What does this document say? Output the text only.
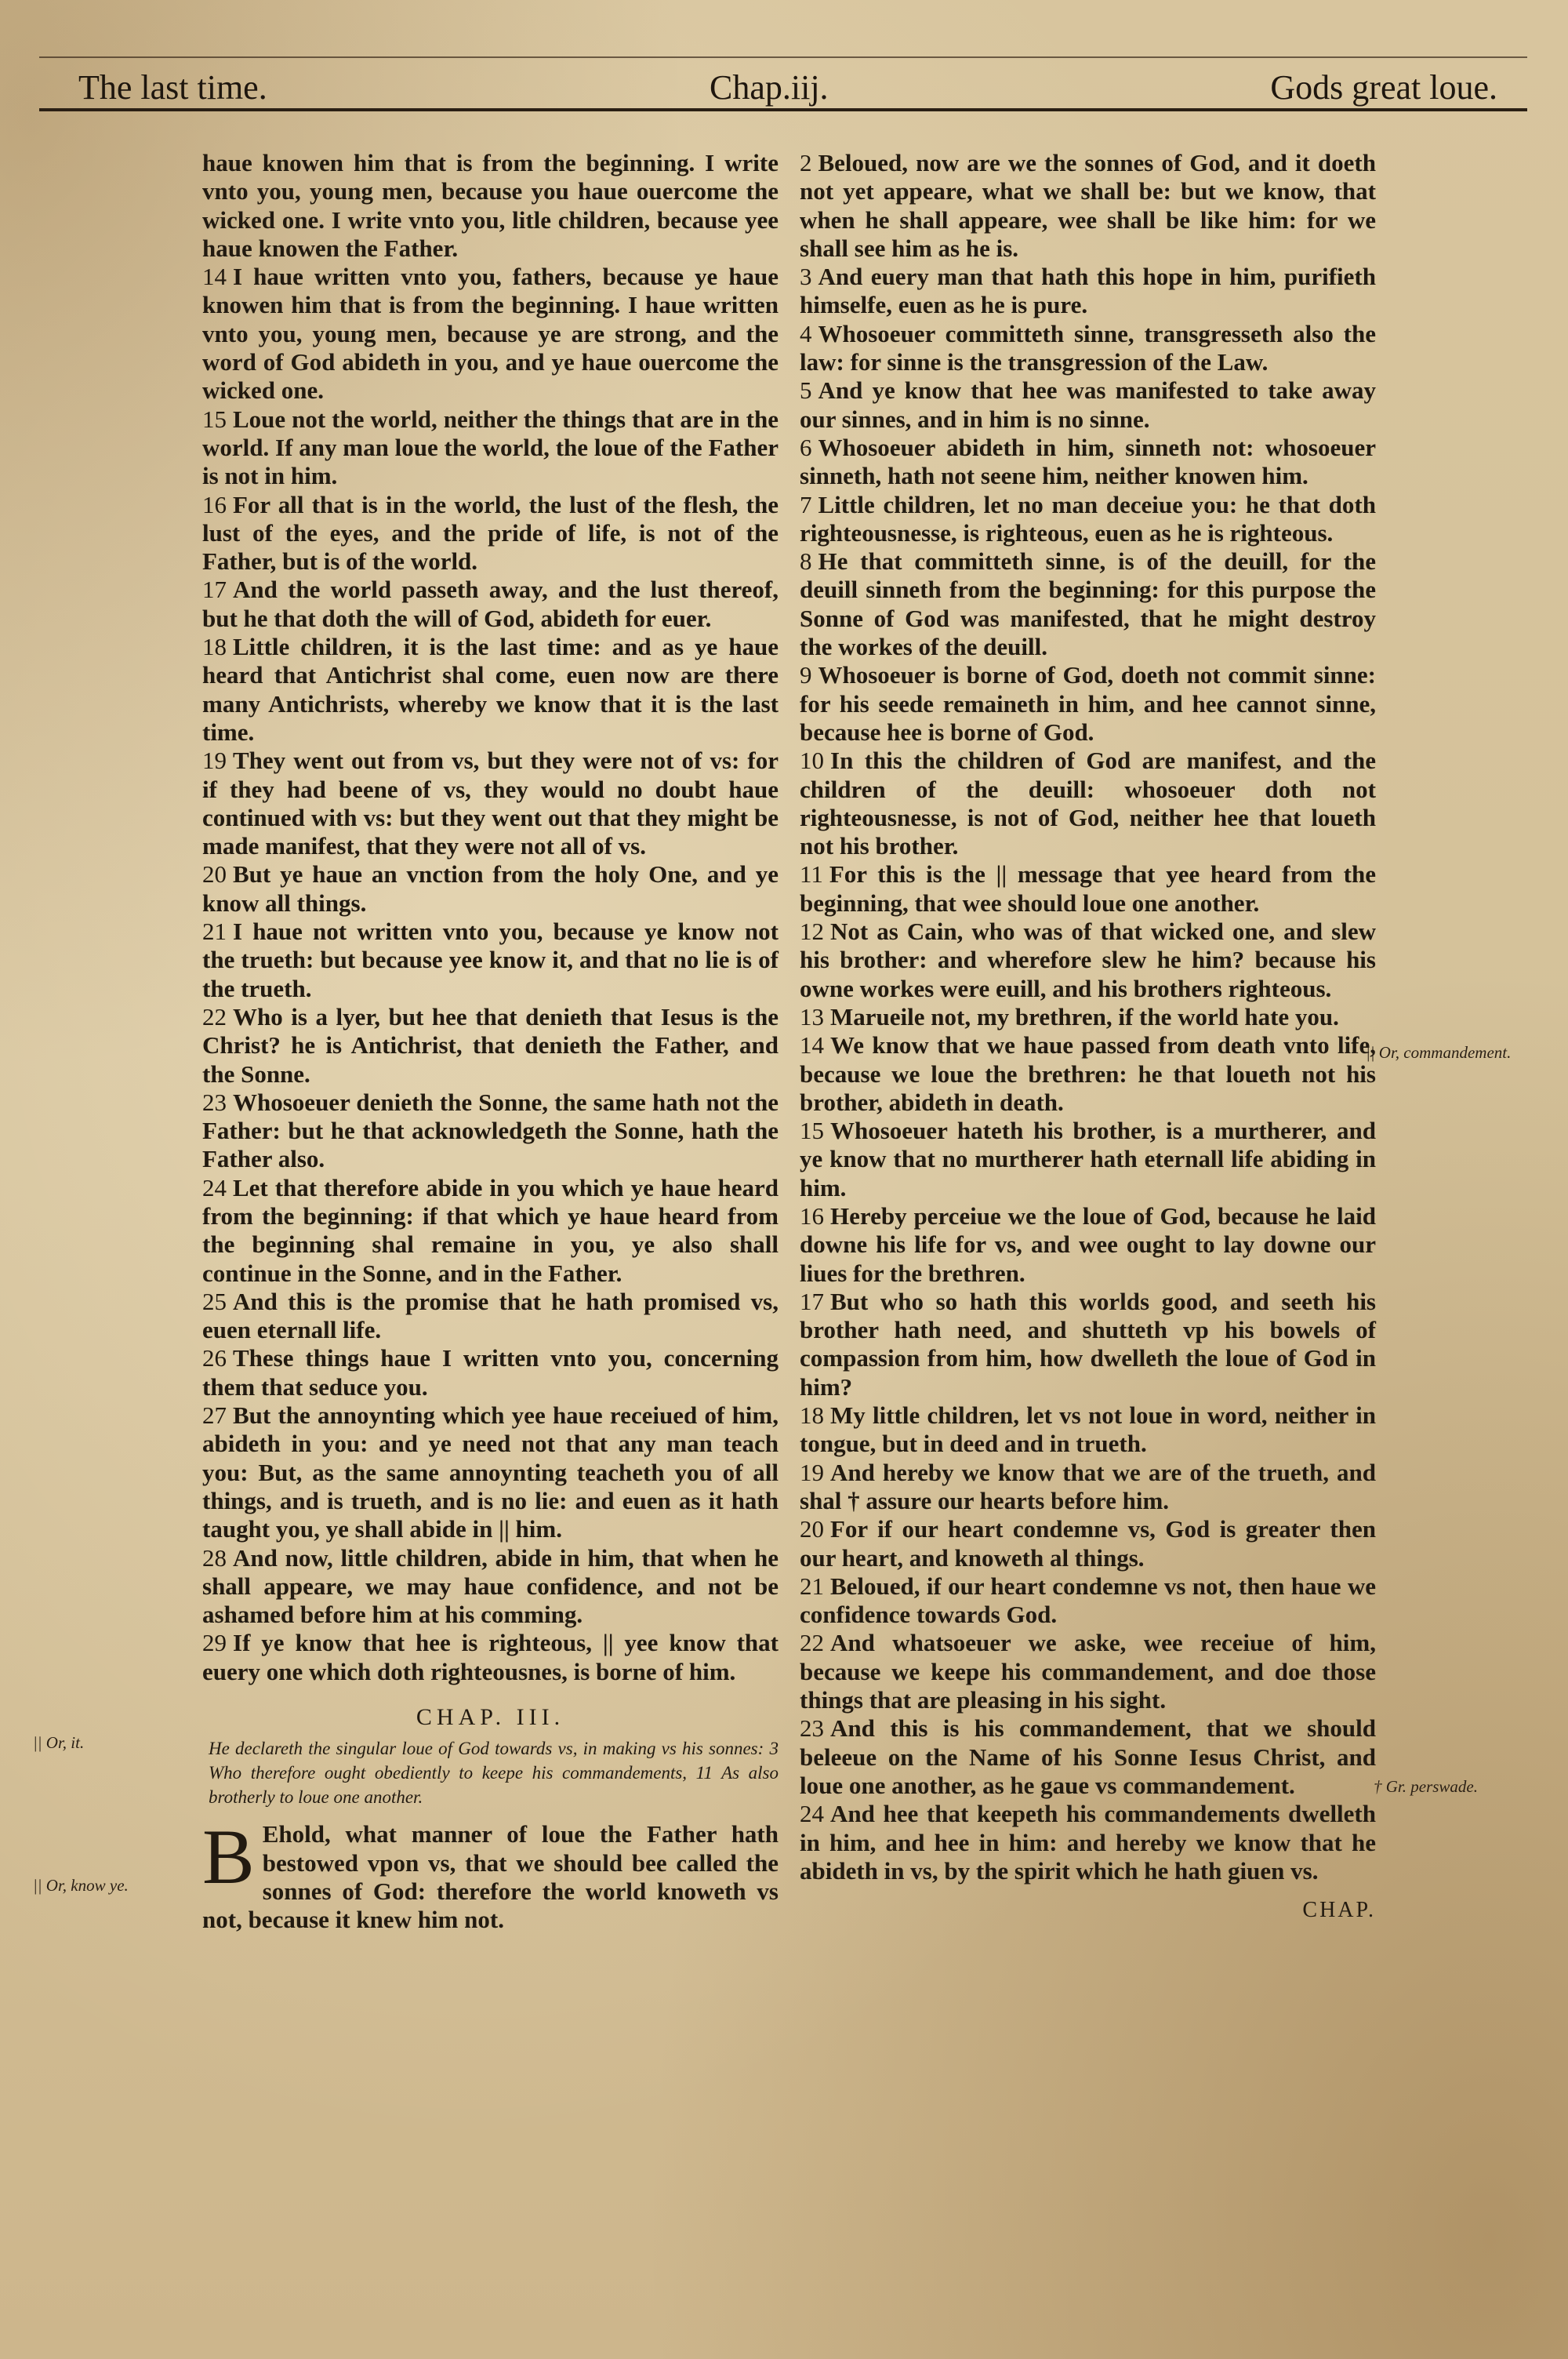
The last time.	Chap.iij.	Gods great loue.

haue knowen him that is from the beginning. I write vnto you, young men, because you haue ouercome the wicked one. I write vnto you, litle children, because yee haue knowen the Father.

14 I haue written vnto you, fathers, because ye haue knowen him that is from the beginning. I haue written vnto you, young men, because ye are strong, and the word of God abideth in you, and ye haue ouercome the wicked one.

15 Loue not the world, neither the things that are in the world. If any man loue the world, the loue of the Father is not in him.

16 For all that is in the world, the lust of the flesh, the lust of the eyes, and the pride of life, is not of the Father, but is of the world.

17 And the world passeth away, and the lust thereof, but he that doth the will of God, abideth for euer.

18 Little children, it is the last time: and as ye haue heard that Antichrist shal come, euen now are there many Antichrists, whereby we know that it is the last time.

19 They went out from vs, but they were not of vs: for if they had beene of vs, they would no doubt haue continued with vs: but they went out that they might be made manifest, that they were not all of vs.

20 But ye haue an vnction from the holy One, and ye know all things.

21 I haue not written vnto you, because ye know not the trueth: but because yee know it, and that no lie is of the trueth.

22 Who is a lyer, but hee that denieth that Iesus is the Christ? he is Antichrist, that denieth the Father, and the Sonne.

23 Whosoeuer denieth the Sonne, the same hath not the Father: but he that acknowledgeth the Sonne, hath the Father also.

24 Let that therefore abide in you which ye haue heard from the beginning: if that which ye haue heard from the beginning shal remaine in you, ye also shall continue in the Sonne, and in the Father.

25 And this is the promise that he hath promised vs, euen eternall life.

26 These things haue I written vnto you, concerning them that seduce you.

27 But the annoynting which yee haue receiued of him, abideth in you: and ye need not that any man teach you: But, as the same annoynting teacheth you of all things, and is trueth, and is no lie: and euen as it hath taught you, ye shall abide in || him.

28 And now, little children, abide in him, that when he shall appeare, we may haue confidence, and not be ashamed before him at his comming.

29 If ye know that hee is righteous, || yee know that euery one which doth righteousnes, is borne of him.

CHAP. III.
He declareth the singular loue of God towards vs, in making vs his sonnes: 3 Who therefore ought obediently to keepe his commandements, 11 As also brotherly to loue one another.

B Ehold, what manner of loue the Father hath bestowed vpon vs, that we should bee called the sonnes of God: therefore the world knoweth vs not, because it knew him not.

2 Beloued, now are we the sonnes of God, and it doeth not yet appeare, what we shall be: but we know, that when he shall appeare, wee shall be like him: for we shall see him as he is.

3 And euery man that hath this hope in him, purifieth himselfe, euen as he is pure.

4 Whosoeuer committeth sinne, transgresseth also the law: for sinne is the transgression of the Law.

5 And ye know that hee was manifested to take away our sinnes, and in him is no sinne.

6 Whosoeuer abideth in him, sinneth not: whosoeuer sinneth, hath not seene him, neither knowen him.

7 Little children, let no man deceiue you: he that doth righteousnesse, is righteous, euen as he is righteous.

8 He that committeth sinne, is of the deuill, for the deuill sinneth from the beginning: for this purpose the Sonne of God was manifested, that he might destroy the workes of the deuill.

9 Whosoeuer is borne of God, doeth not commit sinne: for his seede remaineth in him, and hee cannot sinne, because hee is borne of God.

10 In this the children of God are manifest, and the children of the deuill: whosoeuer doth not righteousnesse, is not of God, neither hee that loueth not his brother.

11 For this is the || message that yee heard from the beginning, that wee should loue one another.

12 Not as Cain, who was of that wicked one, and slew his brother: and wherefore slew he him? because his owne workes were euill, and his brothers righteous.

13 Marueile not, my brethren, if the world hate you.

14 We know that we haue passed from death vnto life, because we loue the brethren: he that loueth not his brother, abideth in death.

15 Whosoeuer hateth his brother, is a murtherer, and ye know that no murtherer hath eternall life abiding in him.

16 Hereby perceiue we the loue of God, because he laid downe his life for vs, and wee ought to lay downe our liues for the brethren.

17 But who so hath this worlds good, and seeth his brother hath need, and shutteth vp his bowels of compassion from him, how dwelleth the loue of God in him?

18 My little children, let vs not loue in word, neither in tongue, but in deed and in trueth.

19 And hereby we know that we are of the trueth, and shal † assure our hearts before him.

20 For if our heart condemne vs, God is greater then our heart, and knoweth al things.

21 Beloued, if our heart condemne vs not, then haue we confidence towards God.

22 And whatsoeuer we aske, wee receiue of him, because we keepe his commandement, and doe those things that are pleasing in his sight.

23 And this is his commandement, that we should beleeue on the Name of his Sonne Iesus Christ, and loue one another, as he gaue vs commandement.

24 And hee that keepeth his commandements dwelleth in him, and hee in him: and hereby we know that he abideth in vs, by the spirit which he hath giuen vs.

CHAP.
|| Or, it.
|| Or, know ye.
|| Or, commandement.
† Gr. perswade.
